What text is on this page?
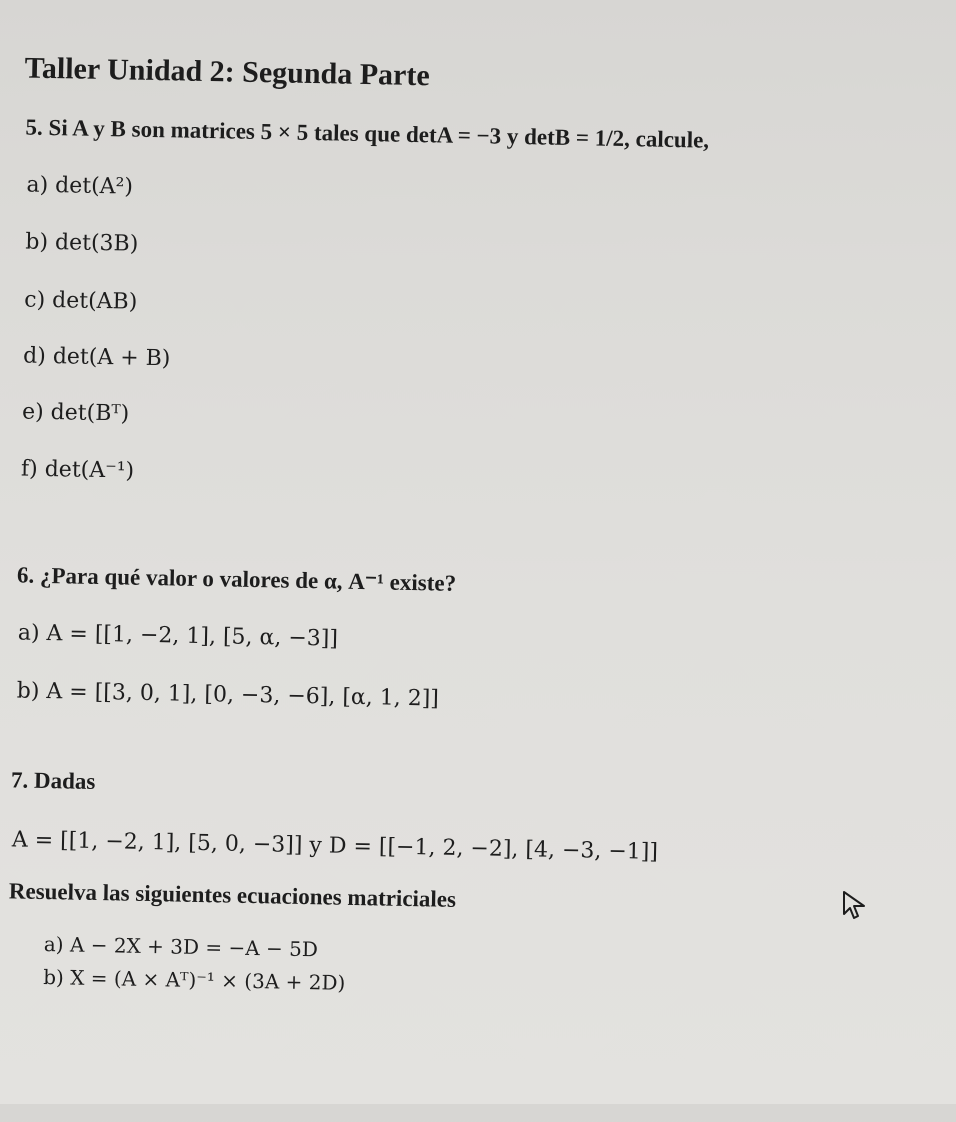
Taller Unidad 2: Segunda Parte
5. Si A y B son matrices 5 × 5 tales que detA = −3 y detB = 1/2, calcule,
a) det(A²)
b) det(3B)
c) det(AB)
d) det(A + B)
e) det(Bᵀ)
f) det(A⁻¹)
6. ¿Para qué valor o valores de α, A⁻¹ existe?
a) A = [[1, −2, 1], [5, α, −3]]
b) A = [[3, 0, 1], [0, −3, −6], [α, 1, 2]]
7. Dadas
A = [[1, −2, 1], [5, 0, −3]] y D = [[−1, 2, −2], [4, −3, −1]]
Resuelva las siguientes ecuaciones matriciales
a) A − 2X + 3D = −A − 5D
b) X = (A × Aᵀ)⁻¹ × (3A + 2D)
